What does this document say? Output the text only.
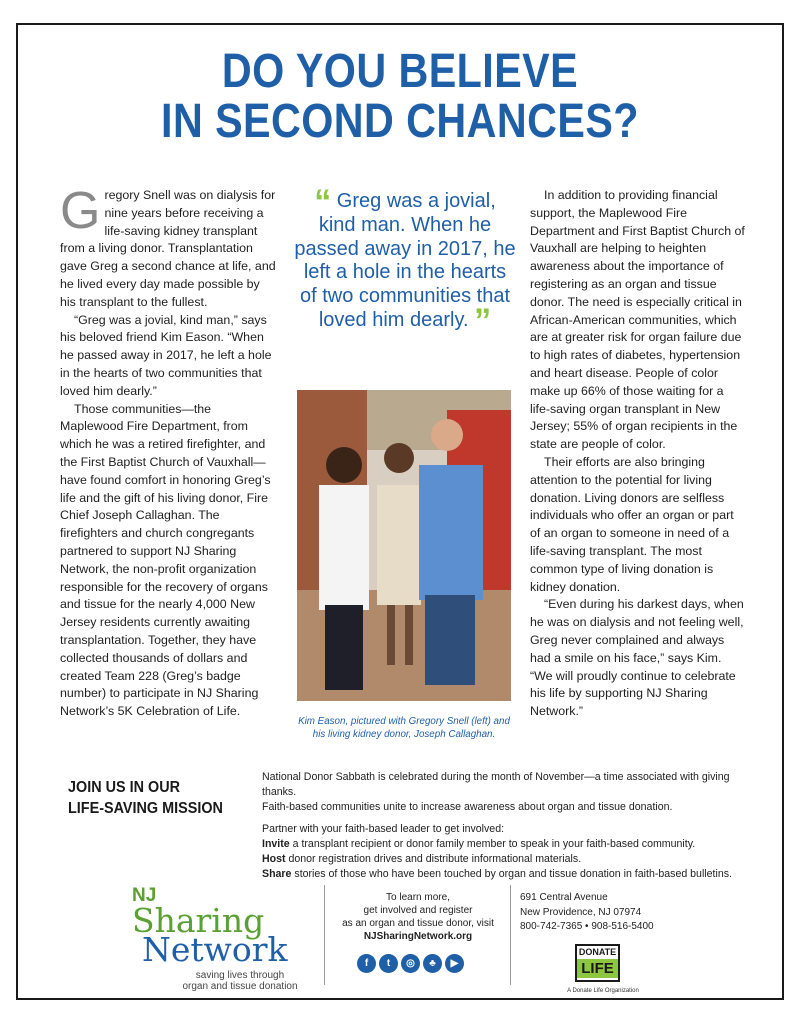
DO YOU BELIEVE
IN SECOND CHANCES?

Gregory Snell was on dialysis for nine years before receiving a life-saving kidney transplant from a living donor. Transplantation gave Greg a second chance at life, and he lived every day made possible by his transplant to the fullest.

“Greg was a jovial, kind man,” says his beloved friend Kim Eason. “When he passed away in 2017, he left a hole in the hearts of two communities that loved him dearly.”

Those communities—the Maplewood Fire Department, from which he was a retired firefighter, and the First Baptist Church of Vauxhall—have found comfort in honoring Greg’s life and the gift of his living donor, Fire Chief Joseph Callaghan. The firefighters and church congregants partnered to support NJ Sharing Network, the non-profit organization responsible for the recovery of organs and tissue for the nearly 4,000 New Jersey residents currently awaiting transplantation. Together, they have collected thousands of dollars and created Team 228 (Greg’s badge number) to participate in NJ Sharing Network’s 5K Celebration of Life.

“ Greg was a jovial, kind man. When he passed away in 2017, he left a hole in the hearts of two communities that loved him dearly. ”
Kim Eason, pictured with Gregory Snell (left) and his living kidney donor, Joseph Callaghan.

In addition to providing financial support, the Maplewood Fire Department and First Baptist Church of Vauxhall are helping to heighten awareness about the importance of registering as an organ and tissue donor. The need is especially critical in African-American communities, which are at greater risk for organ failure due to high rates of diabetes, hypertension and heart disease. People of color make up 66% of those waiting for a life-saving organ transplant in New Jersey; 55% of organ recipients in the state are people of color.

Their efforts are also bringing attention to the potential for living donation. Living donors are selfless individuals who offer an organ or part of an organ to someone in need of a life-saving transplant. The most common type of living donation is kidney donation.

“Even during his darkest days, when he was on dialysis and not feeling well, Greg never complained and always had a smile on his face,” says Kim. “We will proudly continue to celebrate his life by supporting NJ Sharing Network.”

JOIN US IN OUR
LIFE-SAVING MISSION
National Donor Sabbath is celebrated during the month of November—a time associated with giving thanks.
Faith-based communities unite to increase awareness about organ and tissue donation.
Partner with your faith-based leader to get involved:
Invite a transplant recipient or donor family member to speak in your faith-based community.
Host donor registration drives and distribute informational materials.
Share stories of those who have been touched by organ and tissue donation in faith-based bulletins.
NJ
Sharing
Network
saving lives through
organ and tissue donation
To learn more,
get involved and register
as an organ and tissue donor, visit
NJSharingNetwork.org
f	t	◎	♣	▶
691 Central Avenue
New Providence, NJ 07974
800-742-7365 • 908-516-5400
DONATE
LIFE
A Donate Life Organization
